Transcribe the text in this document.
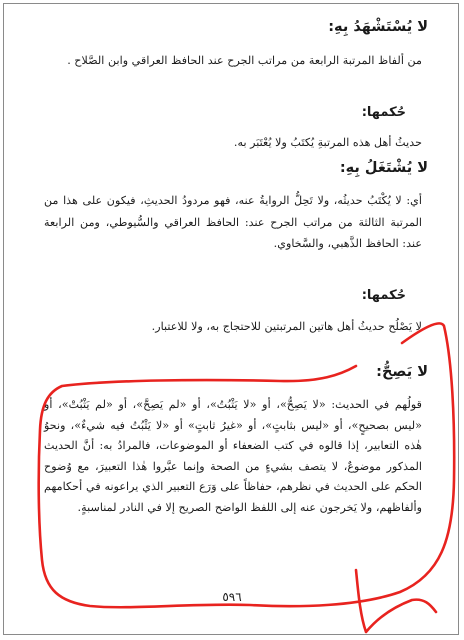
لا يُسْتَشْهَدُ بِهِ:
من ألفاظ المرتبة الرابعة من مراتب الجرح عند الحافظ العراقي وابن الصَّلاح .
حُكمها:
حديثُ أهل هذه المرتبةِ يُكتَبُ ولا يُعْتَبَر به.
لا يُشْتَغَلُ بِهِ:
أي: لا يُكْتَبُ حديثُه، ولا تَحِلُّ الروايةُ عنه، فهو مردودُ الحديثِ، فيكون على هذا من المرتبة الثالثة من مراتب الجرح عند: الحافظ العراقي والسُّيوطي، ومن الرابعة عند: الحافظ الذَّهبي، والسَّخاوي.
حُكمها:
لا يَصْلُح حديثُ أهل هاتين المرتبتين للاحتجاج به، ولا للاعتبار.
لا يَصِحُّ:
قولُهم في الحديث: «لا يَصِحُّ»، أو «لا يَثْبُتُ»، أو «لم يَصِحَّ»، أو «لم يَثْبُتْ»، أو «ليس بصحيحٍ»، أو «ليس بثابتٍ»، أو «غيرُ ثابتٍ» أو «لا يَثْبُتُ فيه شيءٌ»، ونحوُ هٰذه التعابير، إذا قالوه في كتب الضعفاء أو الموضوعات، فالمرادُ به: أنَّ الحديث المذكور موضوعٌ، لا يتصف بشيءٍ من الصحة وإنما عبَّروا هٰذا التعبيرَ، مع وُضوح الحكم على الحديث في نظرهم، حفاظاً على وَرَع التعبير الذي يراعونه في أحكامهم وألفاظهم، ولا يَخرجون عنه إلى اللفظ الواضح الصريح إلا في النادر لمناسبةٍ.
٥٩٦
